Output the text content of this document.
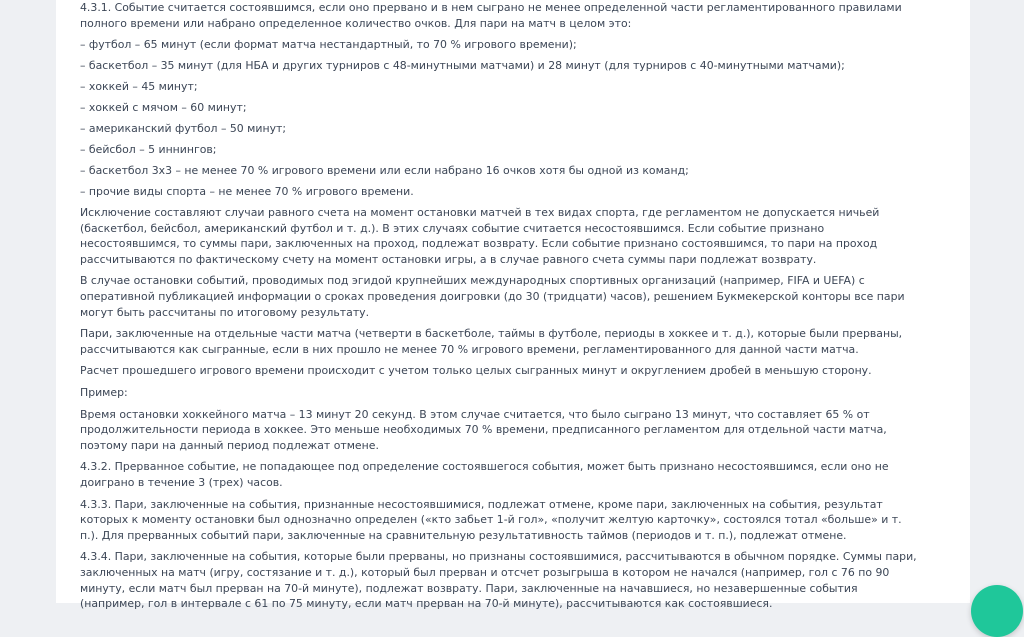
4.3.1. Событие считается состоявшимся, если оно прервано и в нем сыграно не менее определенной части регламентированного правилами полного времени или набрано определенное количество очков. Для пари на матч в целом это:

– футбол – 65 минут (если формат матча нестандартный, то 70 % игрового времени);
– баскетбол – 35 минут (для НБА и других турниров с 48-минутными матчами) и 28 минут (для турниров с 40-минутными матчами);
– хоккей – 45 минут;
– хоккей с мячом – 60 минут;
– американский футбол – 50 минут;
– бейсбол – 5 иннингов;
– баскетбол 3х3 – не менее 70 % игрового времени или если набрано 16 очков хотя бы одной из команд;
– прочие виды спорта – не менее 70 % игрового времени.

Исключение составляют случаи равного счета на момент остановки матчей в тех видах спорта, где регламентом не допускается ничьей (баскетбол, бейсбол, американский футбол и т. д.). В этих случаях событие считается несостоявшимся. Если событие признано несостоявшимся, то суммы пари, заключенных на проход, подлежат возврату. Если событие признано состоявшимся, то пари на проход рассчитываются по фактическому счету на момент остановки игры, а в случае равного счета суммы пари подлежат возврату.

В случае остановки событий, проводимых под эгидой крупнейших международных спортивных организаций (например, FIFA и UEFA) с оперативной публикацией информации о сроках проведения доигровки (до 30 (тридцати) часов), решением Букмекерской конторы все пари могут быть рассчитаны по итоговому результату.

Пари, заключенные на отдельные части матча (четверти в баскетболе, таймы в футболе, периоды в хоккее и т. д.), которые были прерваны, рассчитываются как сыгранные, если в них прошло не менее 70 % игрового времени, регламентированного для данной части матча.

Расчет прошедшего игрового времени происходит с учетом только целых сыгранных минут и округлением дробей в меньшую сторону.

Пример:

Время остановки хоккейного матча – 13 минут 20 секунд. В этом случае считается, что было сыграно 13 минут, что составляет 65 % от продолжительности периода в хоккее. Это меньше необходимых 70 % времени, предписанного регламентом для отдельной части матча, поэтому пари на данный период подлежат отмене.

4.3.2. Прерванное событие, не попадающее под определение состоявшегося события, может быть признано несостоявшимся, если оно не доиграно в течение 3 (трех) часов.

4.3.3. Пари, заключенные на события, признанные несостоявшимися, подлежат отмене, кроме пари, заключенных на события, результат которых к моменту остановки был однозначно определен («кто забьет 1-й гол», «получит желтую карточку», состоялся тотал «больше» и т. п.). Для прерванных событий пари, заключенные на сравнительную результативность таймов (периодов и т. п.), подлежат отмене.

4.3.4. Пари, заключенные на события, которые были прерваны, но признаны состоявшимися, рассчитываются в обычном порядке. Суммы пари, заключенных на матч (игру, состязание и т. д.), который был прерван и отсчет розыгрыша в котором не начался (например, гол с 76 по 90 минуту, если матч был прерван на 70-й минуте), подлежат возврату. Пари, заключенные на начавшиеся, но незавершенные события (например, гол в интервале с 61 по 75 минуту, если матч прерван на 70-й минуте), рассчитываются как состоявшиеся.
